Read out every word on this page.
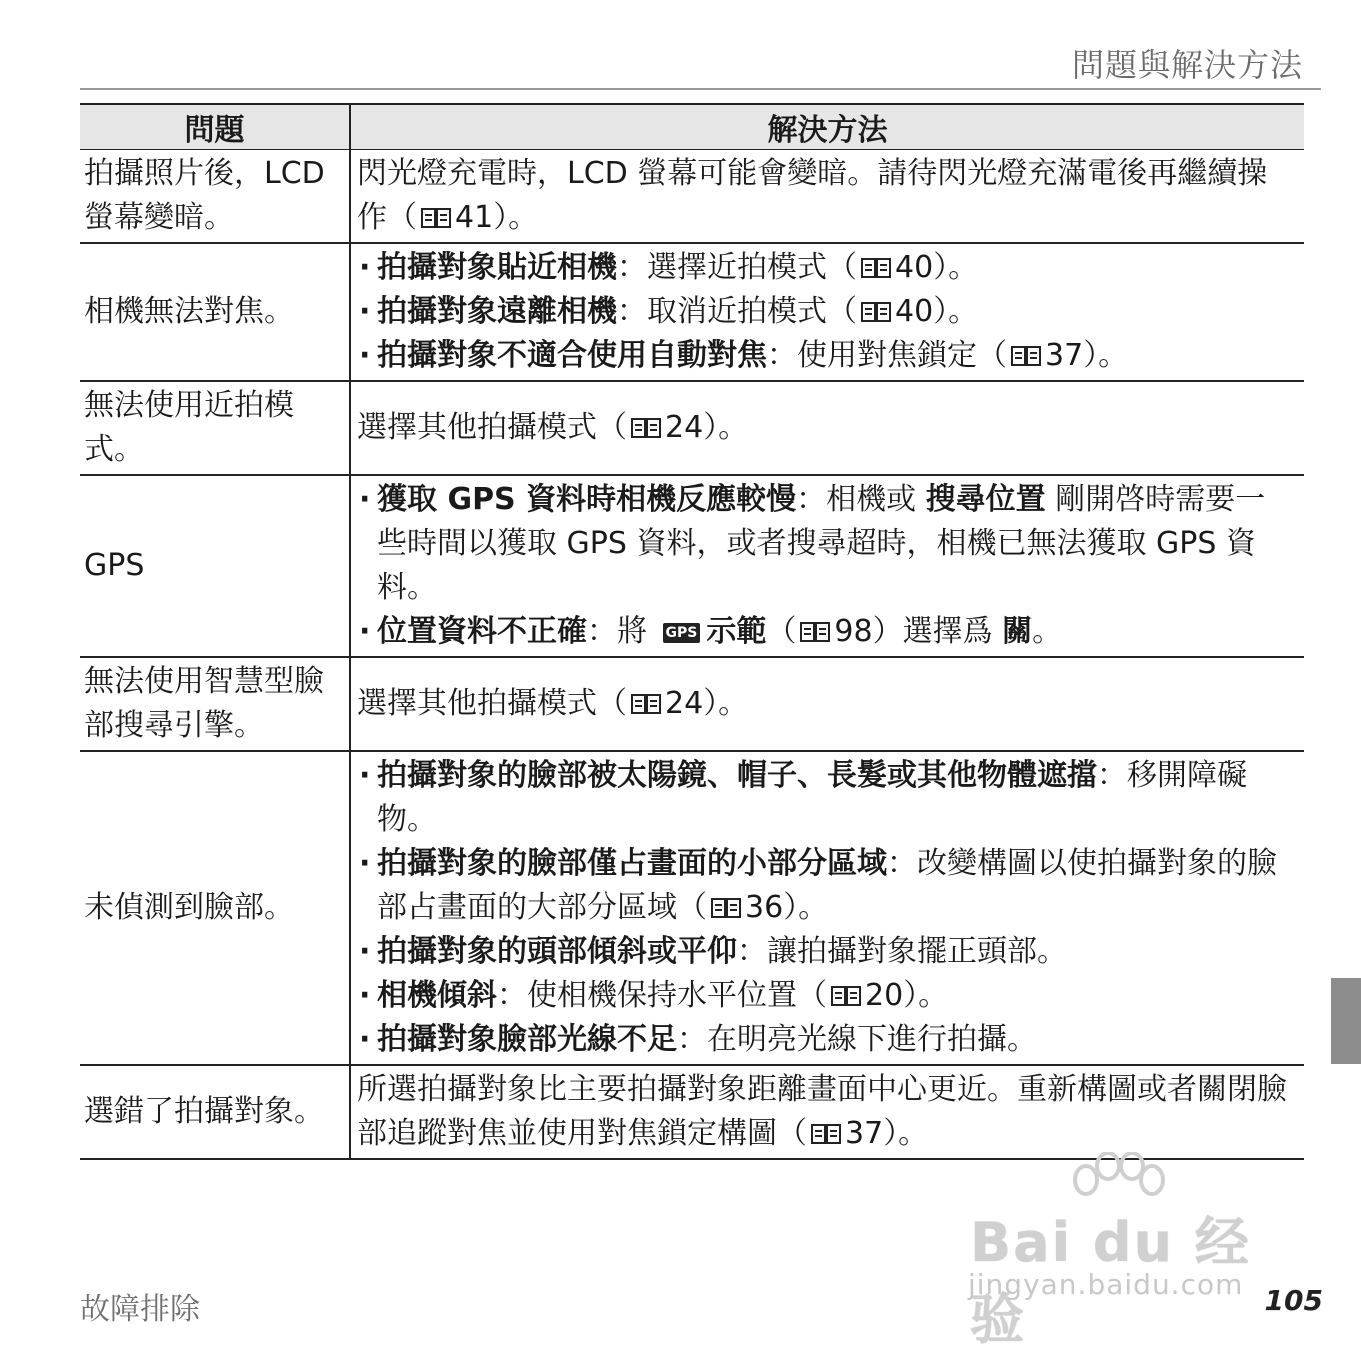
問題與解決方法
問題	解決方法
拍攝照片後，LCD 螢幕變暗。	閃光燈充電時，LCD 螢幕可能會變暗。請待閃光燈充滿電後再繼續操作（ 41）。
相機無法對焦。	· 拍攝對象貼近相機：選擇近拍模式（ 40）。
· 拍攝對象遠離相機：取消近拍模式（ 40）。
· 拍攝對象不適合使用自動對焦：使用對焦鎖定（ 37）。

無法使用近拍模式。	選擇其他拍攝模式（ 24）。
GPS	· 獲取 GPS 資料時相機反應較慢：相機或 搜尋位置 剛開啓時需要一些時間以獲取 GPS 資料，或者搜尋超時，相機已無法獲取 GPS 資料。
· 位置資料不正確：將 GPS 示範（ 98）選擇爲 關。

無法使用智慧型臉部搜尋引擎。	選擇其他拍攝模式（ 24）。
未偵測到臉部。	· 拍攝對象的臉部被太陽鏡、帽子、長髮或其他物體遮擋：移開障礙物。
· 拍攝對象的臉部僅占畫面的小部分區域：改變構圖以使拍攝對象的臉部占畫面的大部分區域（ 36）。
· 拍攝對象的頭部傾斜或平仰：讓拍攝對象擺正頭部。
· 相機傾斜：使相機保持水平位置（ 20）。
· 拍攝對象臉部光線不足：在明亮光線下進行拍攝。

選錯了拍攝對象。	所選拍攝對象比主要拍攝對象距離畫面中心更近。重新構圖或者關閉臉部追蹤對焦並使用對焦鎖定構圖（ 37）。
Bai du 经验
jingyan.baidu.com
故障排除	105
